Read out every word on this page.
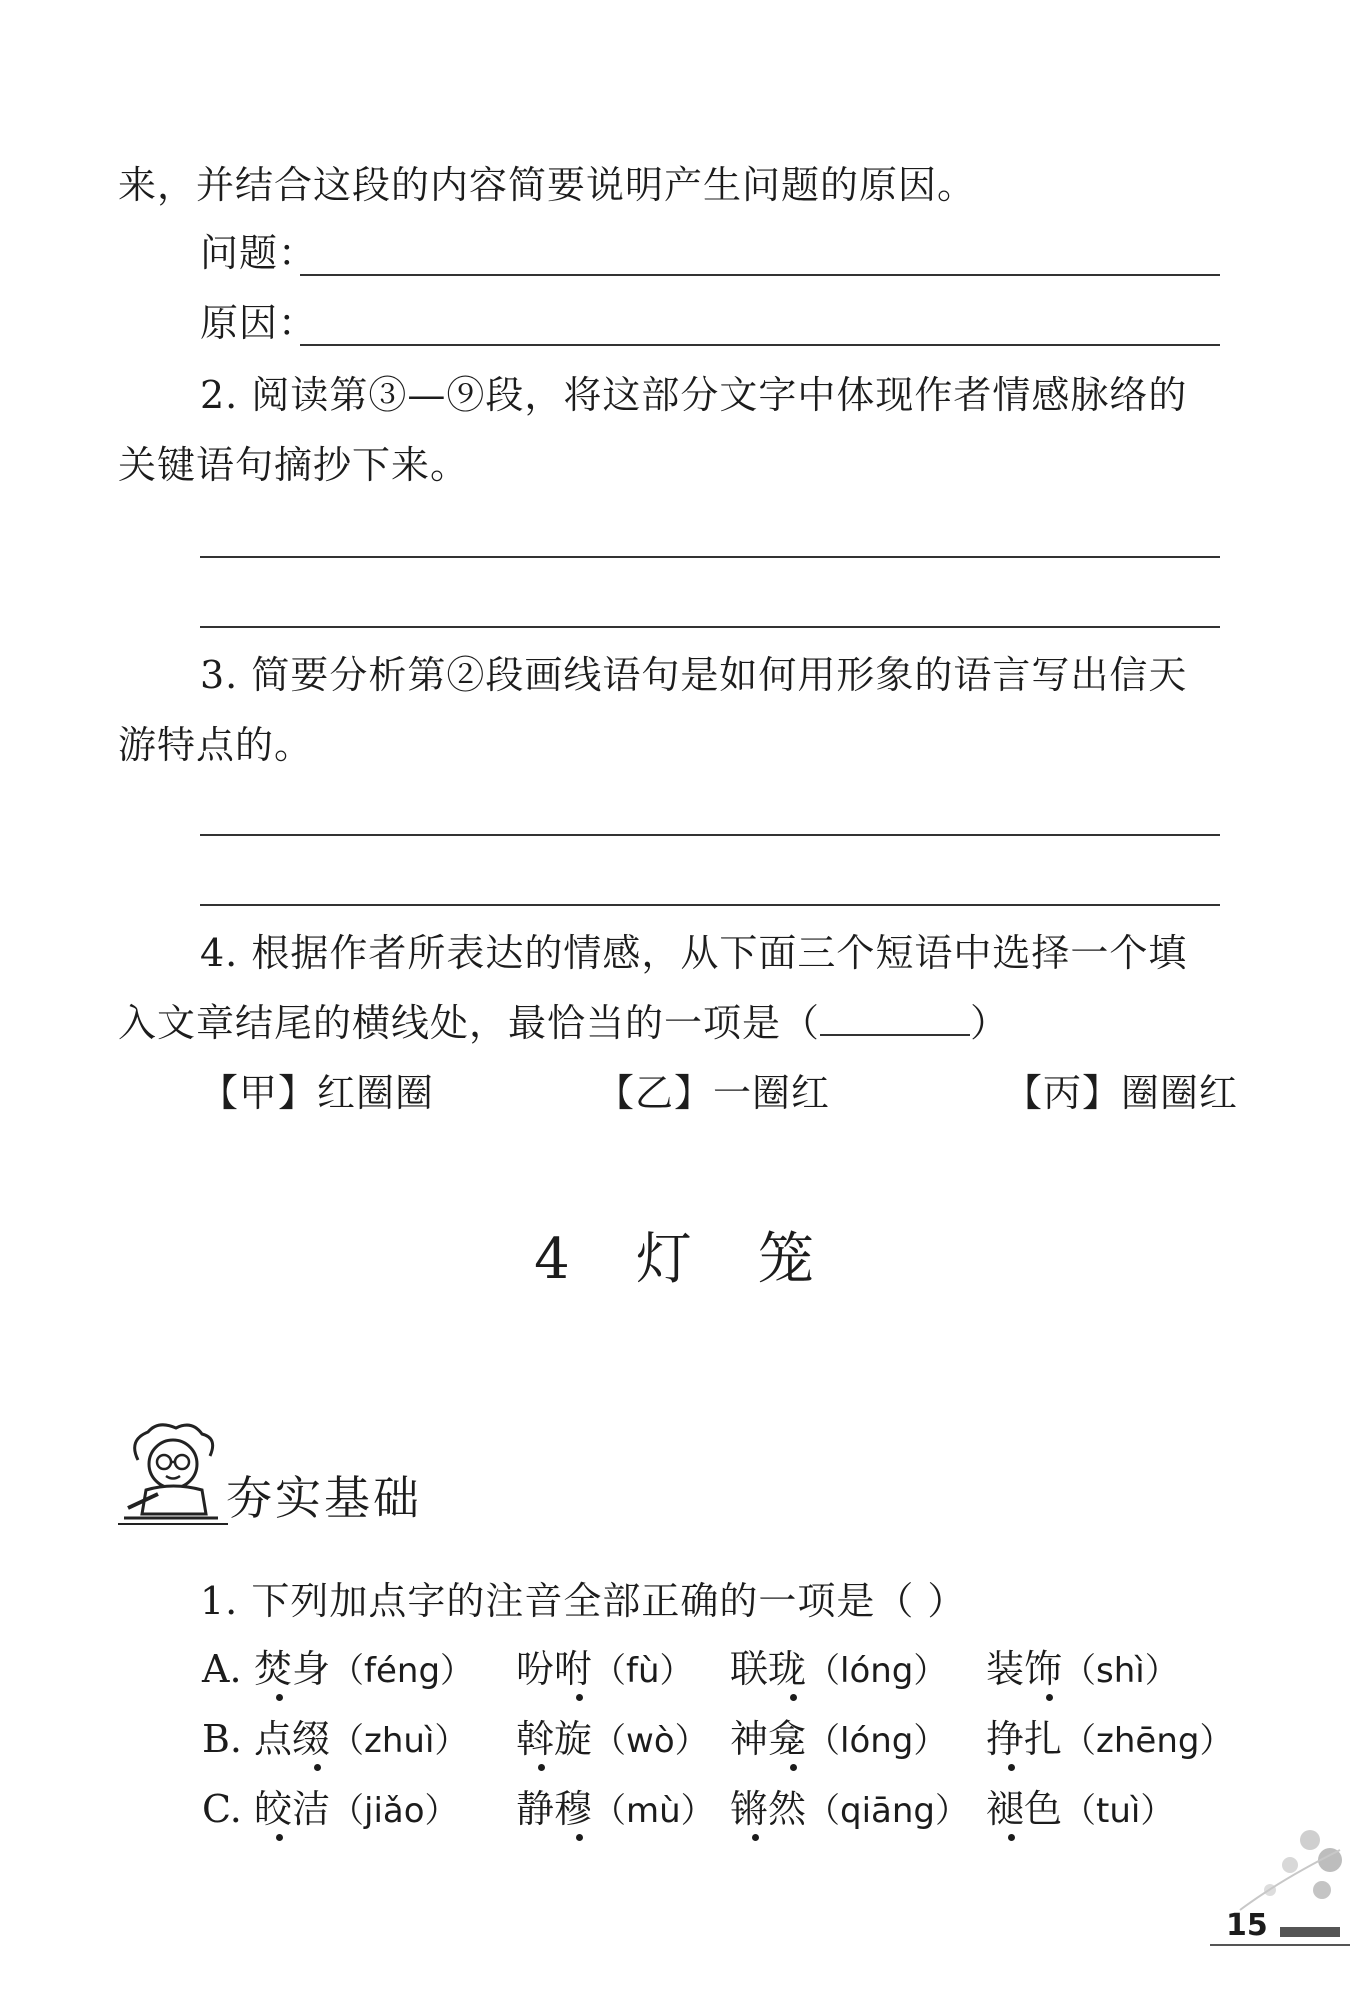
来，并结合这段的内容简要说明产生问题的原因。
问题：
原因：
2. 阅读第③—⑨段，将这部分文字中体现作者情感脉络的
关键语句摘抄下来。
3. 简要分析第②段画线语句是如何用形象的语言写出信天
游特点的。
4. 根据作者所表达的情感，从下面三个短语中选择一个填
入文章结尾的横线处，最恰当的一项是（	）
【甲】红圈圈	【乙】一圈红	【丙】圈圈红
4 灯 笼
夯实基础
1. 下列加点字的注音全部正确的一项是（ ）
A. 焚身（féng） 吩咐（fù） 联珑（lóng） 装饰（shì）
B. 点缀（zhuì） 斡旋（wò） 神龛（lóng） 挣扎（zhēng）
C. 皎洁（jiǎo） 静穆（mù） 锵然（qiāng） 褪色（tuì）
15
